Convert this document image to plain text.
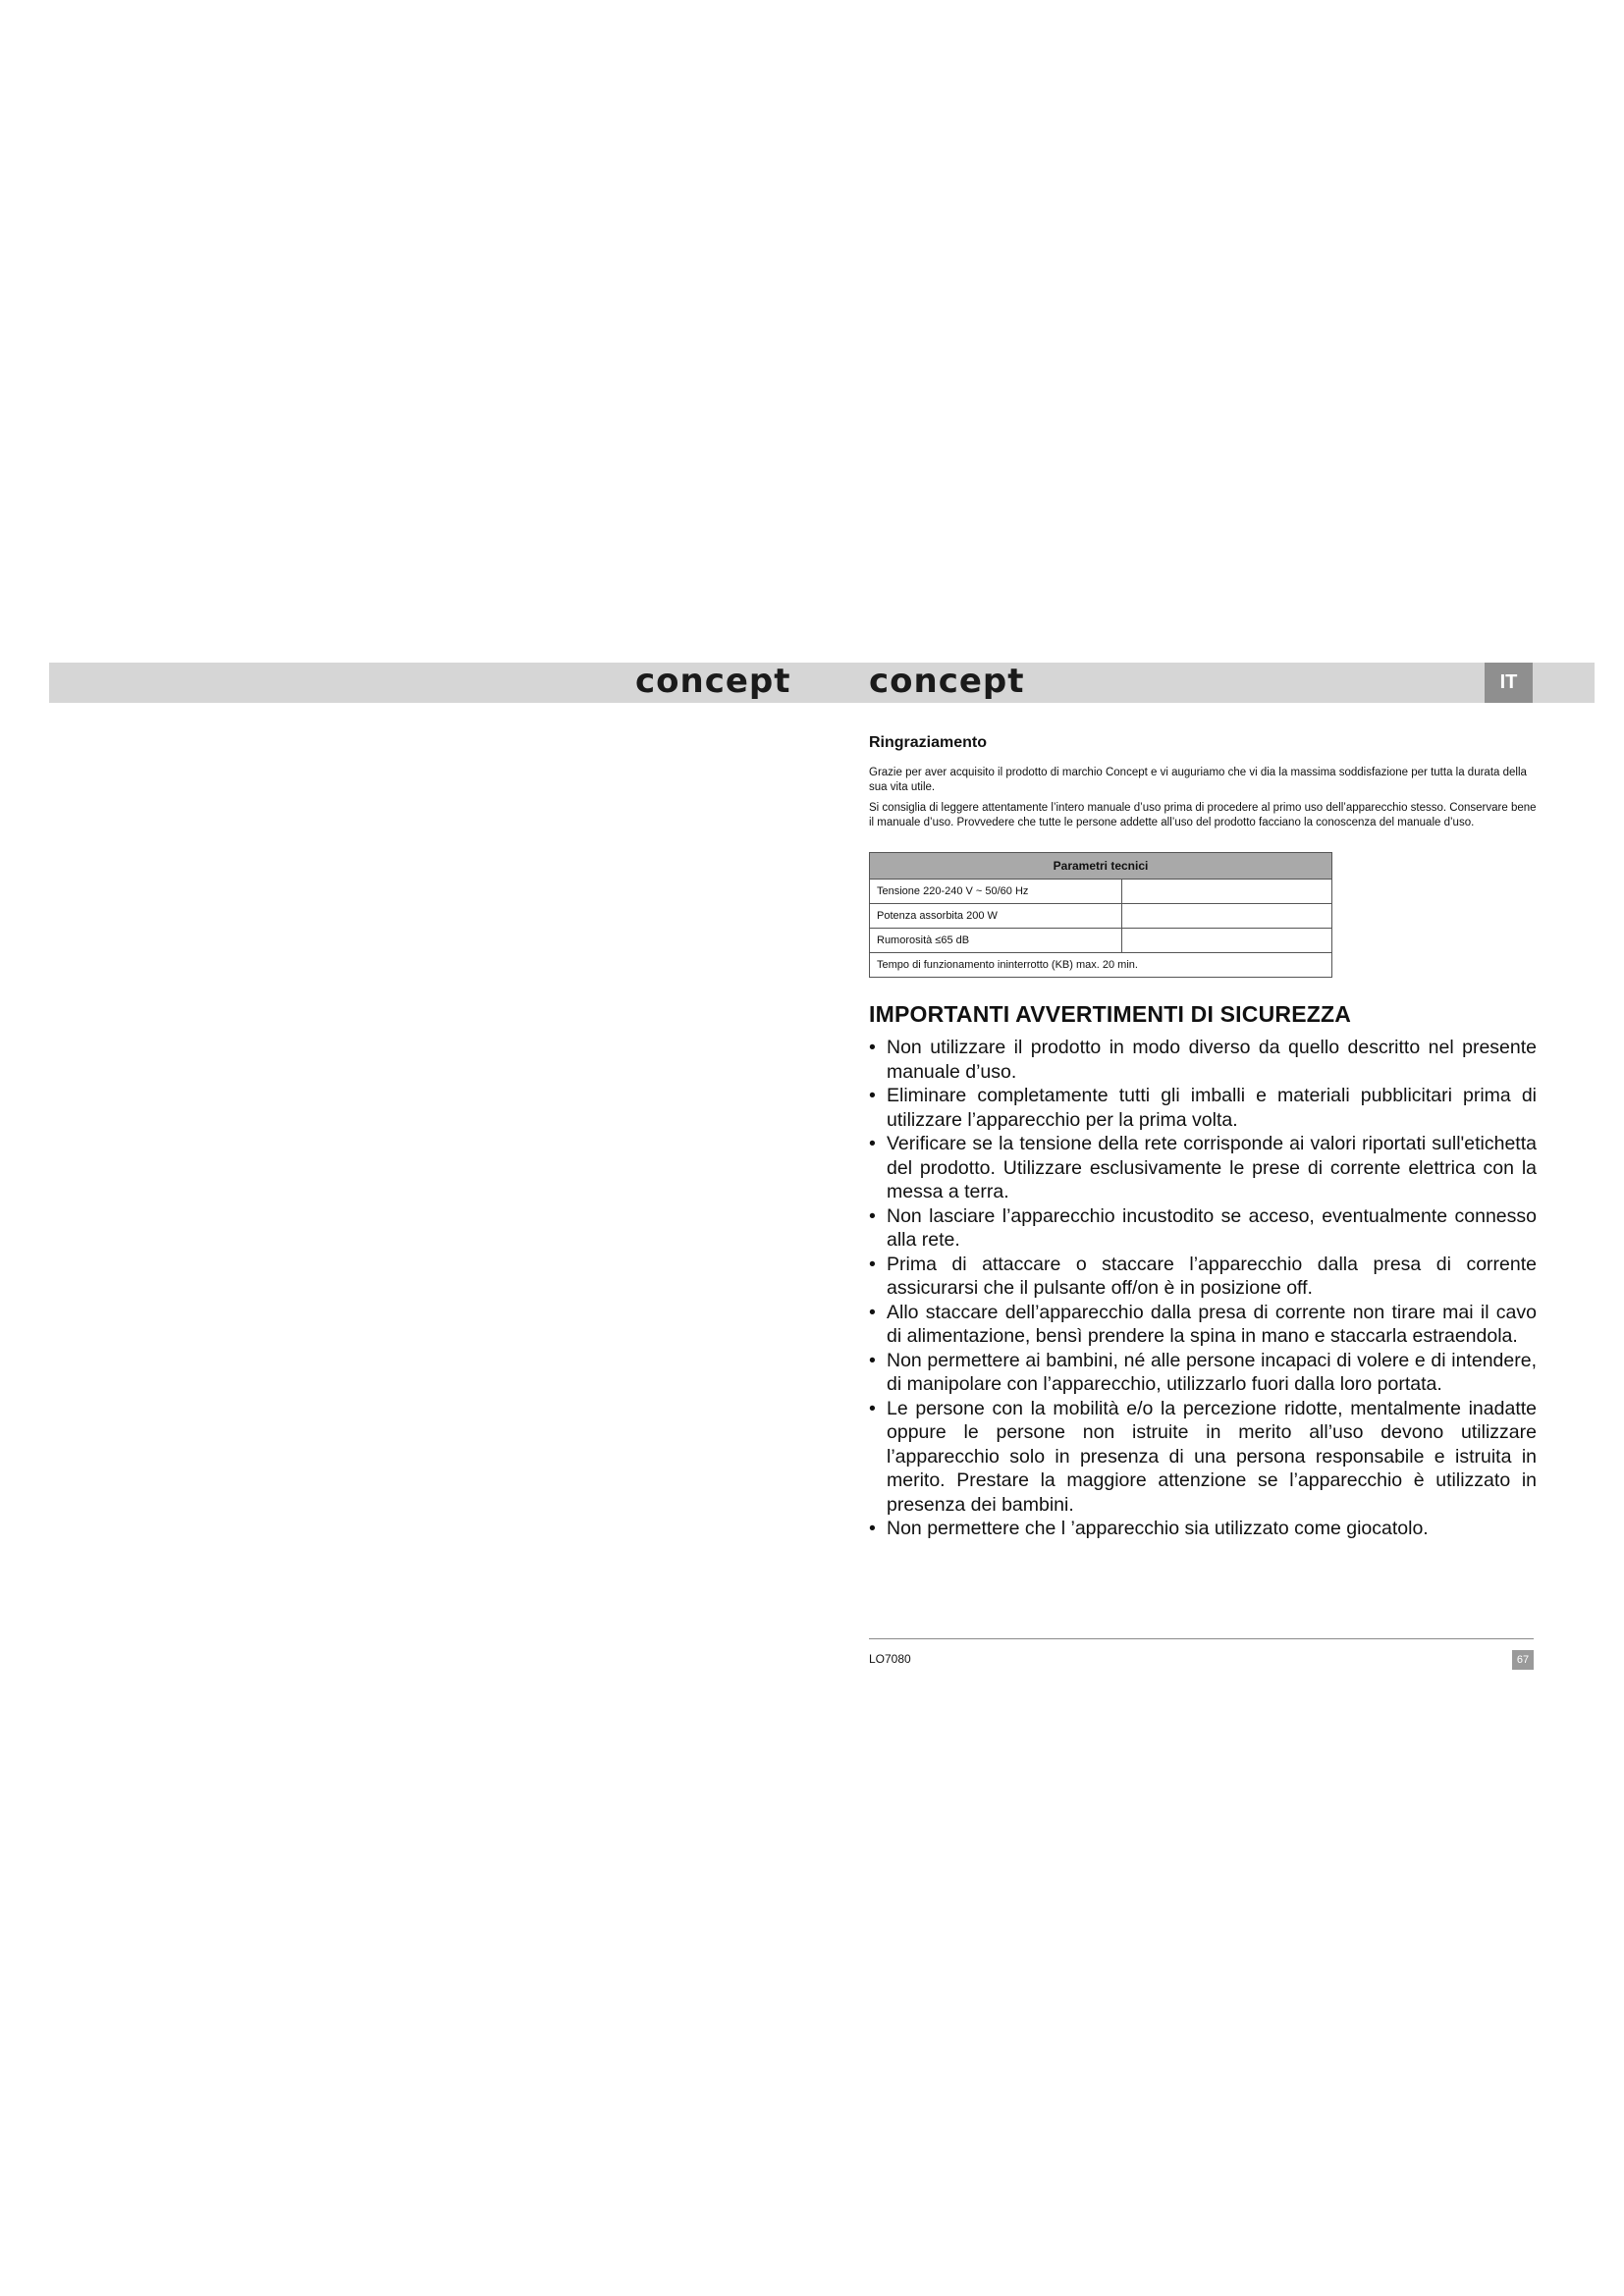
concept concept	IT
Ringraziamento

Grazie per aver acquisito il prodotto di marchio Concept e vi auguriamo che vi dia la massima soddisfazione per tutta la durata della sua vita utile.

Si consiglia di leggere attentamente l’intero manuale d’uso prima di procedere al primo uso dell’apparecchio stesso. Conservare bene il manuale d’uso. Provvedere che tutte le persone addette all’uso del prodotto facciano la conoscenza del manuale d’uso.

Parametri tecnici	
Tensione 220-240 V ~ 50/60 Hz	
Potenza assorbita 200 W	
Rumorosità ≤65 dB	
Tempo di funzionamento ininterrotto (KB) max. 20 min.	
IMPORTANTI AVVERTIMENTI DI SICUREZZA
• Non utilizzare il prodotto in modo diverso da quello descritto nel presente manuale d’uso.
• Eliminare completamente tutti gli imballi e materiali pubblicitari prima di utilizzare l’apparecchio per la prima volta.
• Verificare se la tensione della rete corrisponde ai valori riportati sull'etichetta del prodotto. Utilizzare esclusivamente le prese di corrente elettrica con la messa a terra.
• Non lasciare l’apparecchio incustodito se acceso, eventualmente connesso alla rete.
• Prima di attaccare o staccare l’apparecchio dalla presa di corrente assicurarsi che il pulsante off/on è in posizione off.
• Allo staccare dell’apparecchio dalla presa di corrente non tirare mai il cavo di alimentazione, bensì prendere la spina in mano e staccarla estraendola.
• Non permettere ai bambini, né alle persone incapaci di volere e di intendere, di manipolare con l’apparecchio, utilizzarlo fuori dalla loro portata.
• Le persone con la mobilità e/o la percezione ridotte, mentalmente inadatte oppure le persone non istruite in merito all’uso devono utilizzare l’apparecchio solo in presenza di una persona responsabile e istruita in merito. Prestare la maggiore attenzione se l’apparecchio è utilizzato in presenza dei bambini.
• Non permettere che l ’apparecchio sia utilizzato come giocatolo.
LO7080	67
